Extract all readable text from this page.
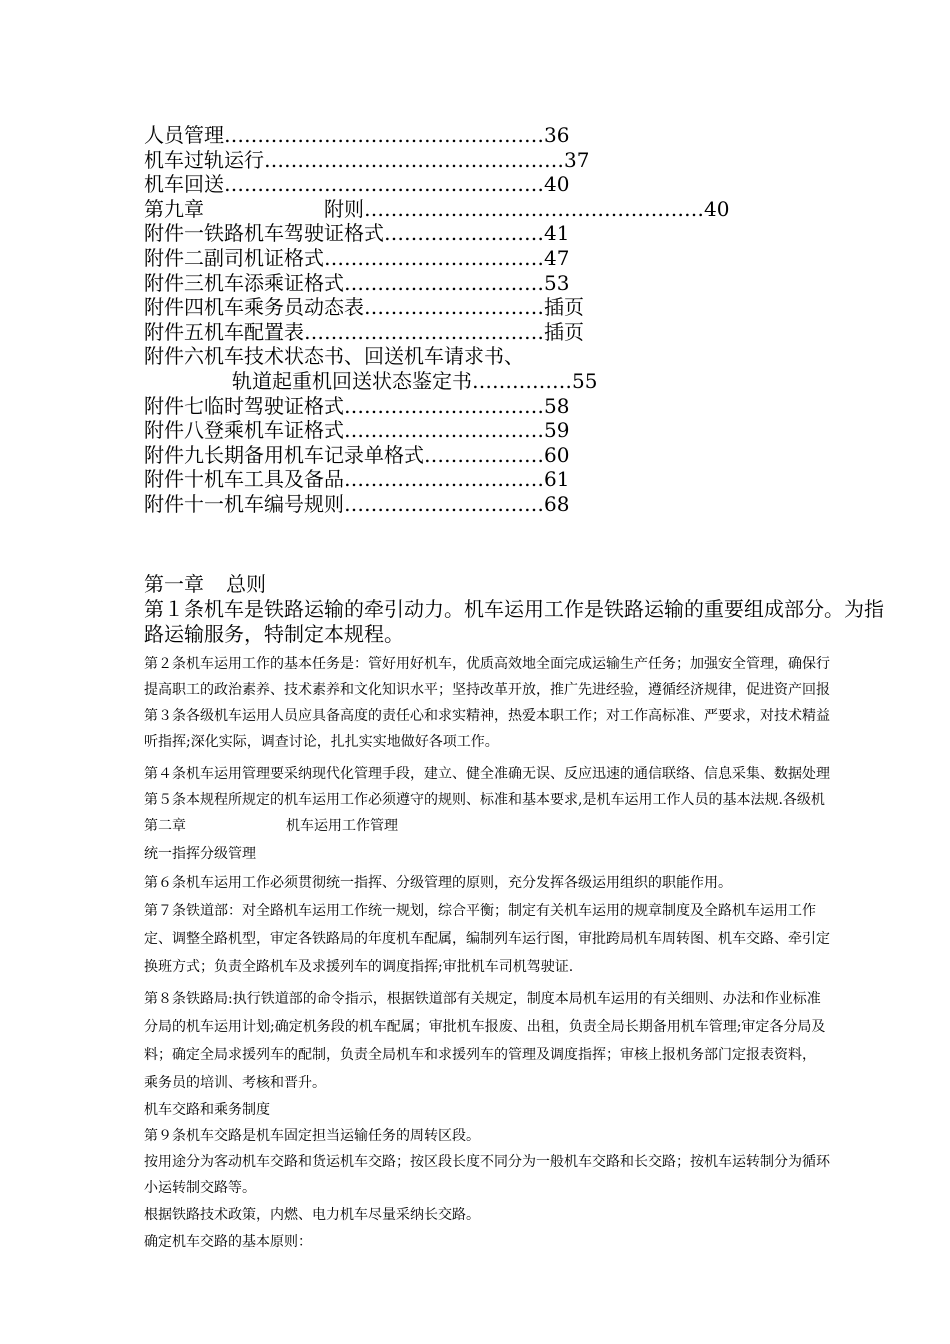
人员管理…………………………………………36
机车过轨运行………………………………………37
机车回送…………………………………………40
第九章	附则……………………………………………40
附件一铁路机车驾驶证格式……………………41
附件二副司机证格式……………………………47
附件三机车添乘证格式…………………………53
附件四机车乘务员动态表………………………插页
附件五机车配置表………………………………插页
附件六机车技术状态书、回送机车请求书、
轨道起重机回送状态鉴定书……………55
附件七临时驾驶证格式…………………………58
附件八登乘机车证格式…………………………59
附件九长期备用机车记录单格式………………60
附件十机车工具及备品…………………………61
附件十一机车编号规则…………………………68
第一章 总则
第１条机车是铁路运输的牵引动力。机车运用工作是铁路运输的重要组成部分。为指
路运输服务，特制定本规程。
第２条机车运用工作的基本任务是：管好用好机车，优质高效地全面完成运输生产任务；加强安全管理，确保行
提高职工的政治素养、技术素养和文化知识水平；坚持改革开放，推广先进经验，遵循经济规律，促进资产回报
第３条各级机车运用人员应具备高度的责任心和求实精神，热爱本职工作；对工作高标准、严要求，对技术精益
听指挥;深化实际，调查讨论，扎扎实实地做好各项工作。
第４条机车运用管理要采纳现代化管理手段，建立、健全准确无误、反应迅速的通信联络、信息采集、数据处理
第５条本规程所规定的机车运用工作必须遵守的规则、标准和基本要求,是机车运用工作人员的基本法规.各级机
第二章	机车运用工作管理
统一指挥分级管理
第６条机车运用工作必须贯彻统一指挥、分级管理的原则，充分发挥各级运用组织的职能作用。
第７条铁道部：对全路机车运用工作统一规划，综合平衡；制定有关机车运用的规章制度及全路机车运用工作
定、调整全路机型，审定各铁路局的年度机车配属，编制列车运行图，审批跨局机车周转图、机车交路、牵引定
换班方式；负责全路机车及求援列车的调度指挥;审批机车司机驾驶证.
第８条铁路局:执行铁道部的命令指示，根据铁道部有关规定，制度本局机车运用的有关细则、办法和作业标准
分局的机车运用计划;确定机务段的机车配属；审批机车报废、出租，负责全局长期备用机车管理;审定各分局及
料；确定全局求援列车的配制，负责全局机车和求援列车的管理及调度指挥；审核上报机务部门定报表资料，
乘务员的培训、考核和晋升。
机车交路和乘务制度
第９条机车交路是机车固定担当运输任务的周转区段。
按用途分为客动机车交路和货运机车交路；按区段长度不同分为一般机车交路和长交路；按机车运转制分为循环
小运转制交路等。
根据铁路技术政策，内燃、电力机车尽量采纳长交路。
确定机车交路的基本原则：
